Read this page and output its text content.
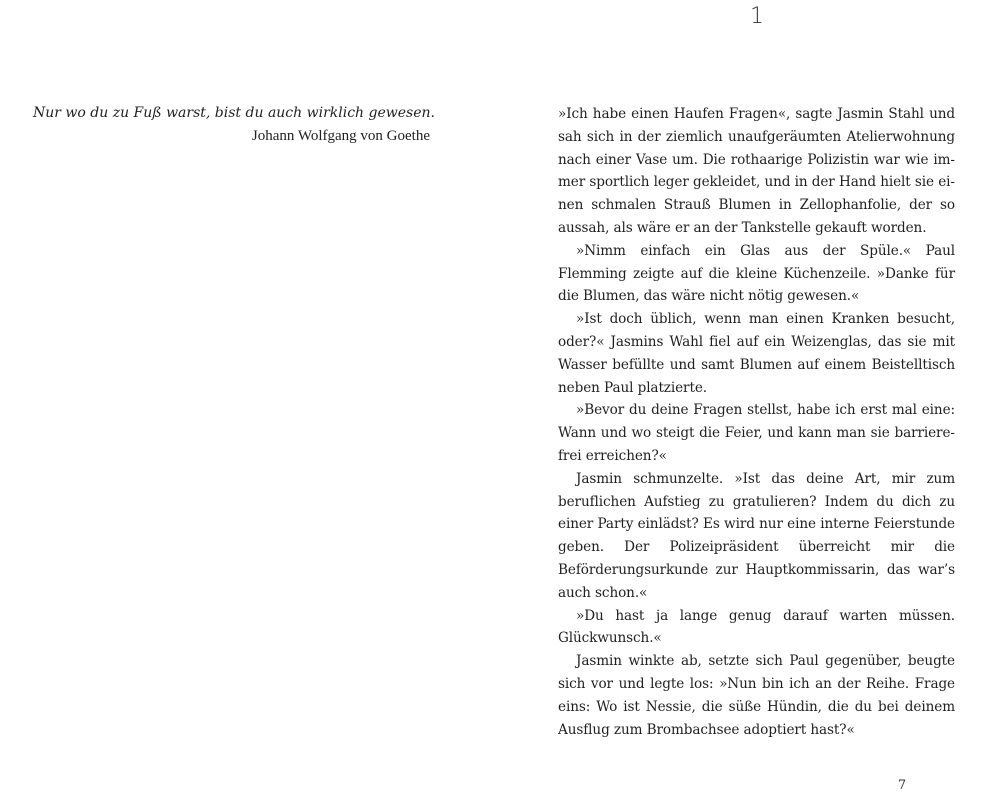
Nur wo du zu Fuß warst, bist du auch wirklich gewesen.

Johann Wolfgang von Goethe

1

»Ich habe einen Haufen Fragen«, sagte Jasmin Stahl und sah sich in der ziemlich unaufgeräumten Atelierwohnung nach einer Vase um. Die rothaarige Polizistin war wie immer sportlich leger gekleidet, und in der Hand hielt sie einen schmalen Strauß Blumen in Zellophanfolie, der so aussah, als wäre er an der Tankstelle gekauft worden.

»Nimm einfach ein Glas aus der Spüle.« Paul Flemming zeigte auf die kleine Küchenzeile. »Danke für die Blumen, das wäre nicht nötig gewesen.«

»Ist doch üblich, wenn man einen Kranken besucht, oder?« Jasmins Wahl fiel auf ein Weizenglas, das sie mit Wasser befüllte und samt Blumen auf einem Beistelltisch neben Paul platzierte.

»Bevor du deine Fragen stellst, habe ich erst mal eine: Wann und wo steigt die Feier, und kann man sie barrierefrei erreichen?«

Jasmin schmunzelte. »Ist das deine Art, mir zum beruflichen Aufstieg zu gratulieren? Indem du dich zu einer Party einlädst? Es wird nur eine interne Feierstunde geben. Der Polizeipräsident überreicht mir die Beförderungsurkunde zur Hauptkommissarin, das war’s auch schon.«

»Du hast ja lange genug darauf warten müssen. Glückwunsch.«

Jasmin winkte ab, setzte sich Paul gegenüber, beugte sich vor und legte los: »Nun bin ich an der Reihe. Frage eins: Wo ist Nessie, die süße Hündin, die du bei deinem Ausflug zum Brombachsee adoptiert hast?«

7
